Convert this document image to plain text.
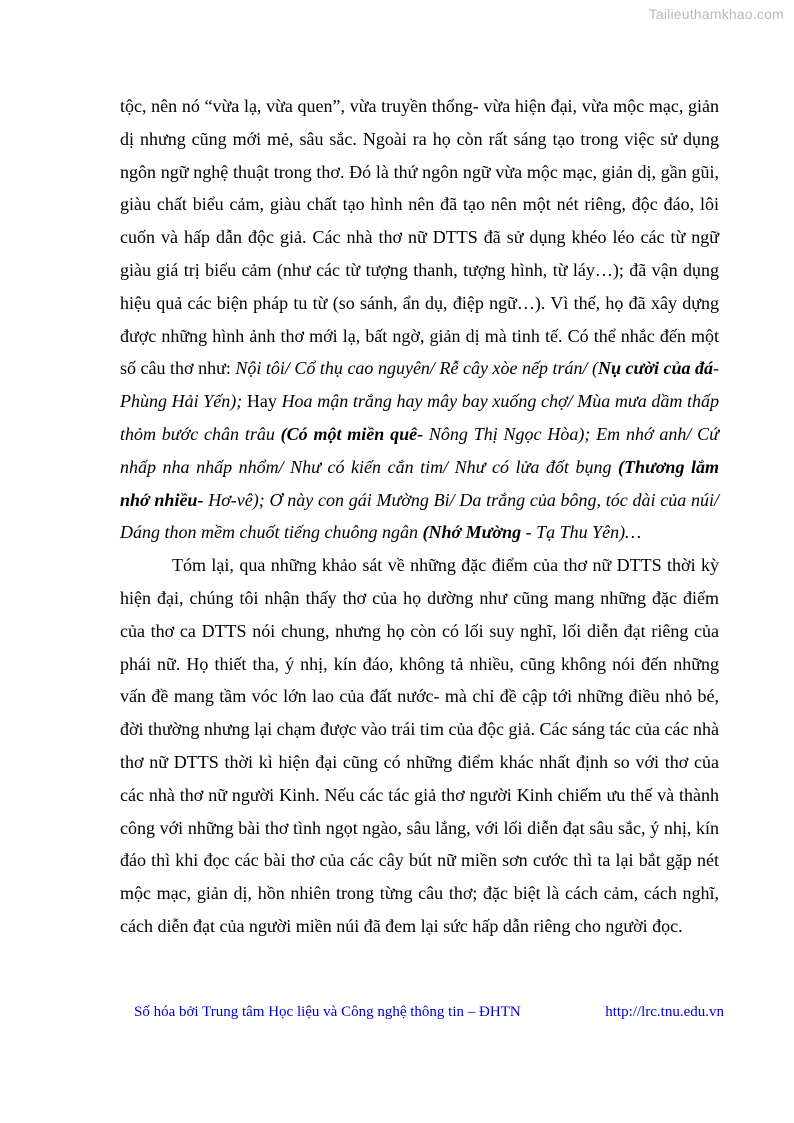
Tailieuthamkhao.com

tộc, nên nó “vừa lạ, vừa quen”, vừa truyền thống- vừa hiện đại, vừa mộc mạc, giản dị nhưng cũng mới mẻ, sâu sắc. Ngoài ra họ còn rất sáng tạo trong việc sử dụng ngôn ngữ nghệ thuật trong thơ. Đó là thứ ngôn ngữ vừa mộc mạc, giản dị, gần gũi, giàu chất biểu cảm, giàu chất tạo hình nên đã tạo nên một nét riêng, độc đáo, lôi cuốn và hấp dẫn độc giả. Các nhà thơ nữ DTTS đã sử dụng khéo léo các từ ngữ giàu giá trị biểu cảm (như các từ tượng thanh, tượng hình, từ láy…); đã vận dụng hiệu quả các biện pháp tu từ (so sánh, ẩn dụ, điệp ngữ…). Vì thế, họ đã xây dựng được những hình ảnh thơ mới lạ, bất ngờ, giản dị mà tinh tế. Có thể nhắc đến một số câu thơ như: Nội tôi/ Cổ thụ cao nguyên/ Rễ cây xòe nếp trán/ (Nụ cười của đá- Phùng Hải Yến); Hay Hoa mận trắng hay mây bay xuống chợ/ Mùa mưa dầm thấp thỏm bước chân trâu (Có một miền quê- Nông Thị Ngọc Hòa); Em nhớ anh/ Cứ nhấp nha nhấp nhổm/ Như có kiến cắn tim/ Như có lửa đốt bụng (Thương lắm nhớ nhiều- Hơ-vê); Ơ này con gái Mường Bi/ Da trắng của bông, tóc dài của núi/ Dáng thon mềm chuốt tiếng chuông ngân (Nhớ Mường - Tạ Thu Yên)…

Tóm lại, qua những khảo sát về những đặc điểm của thơ nữ DTTS thời kỳ hiện đại, chúng tôi nhận thấy thơ của họ dường như cũng mang những đặc điểm của thơ ca DTTS nói chung, nhưng họ còn có lối suy nghĩ, lối diễn đạt riêng của phái nữ. Họ thiết tha, ý nhị, kín đáo, không tả nhiều, cũng không nói đến những vấn đề mang tầm vóc lớn lao của đất nước- mà chỉ đề cập tới những điều nhỏ bé, đời thường nhưng lại chạm được vào trái tim của độc giả. Các sáng tác của các nhà thơ nữ DTTS thời kì hiện đại cũng có những điểm khác nhất định so với thơ của các nhà thơ nữ người Kinh. Nếu các tác giả thơ người Kinh chiếm ưu thế và thành công với những bài thơ tình ngọt ngào, sâu lắng, với lối diễn đạt sâu sắc, ý nhị, kín đáo thì khi đọc các bài thơ của các cây bút nữ miền sơn cước thì ta lại bắt gặp nét mộc mạc, giản dị, hồn nhiên trong từng câu thơ; đặc biệt là cách cảm, cách nghĩ, cách diễn đạt của người miền núi đã đem lại sức hấp dẫn riêng cho người đọc.

Số hóa bởi Trung tâm Học liệu và Công nghệ thông tin – ĐHTN	http://lrc.tnu.edu.vn
